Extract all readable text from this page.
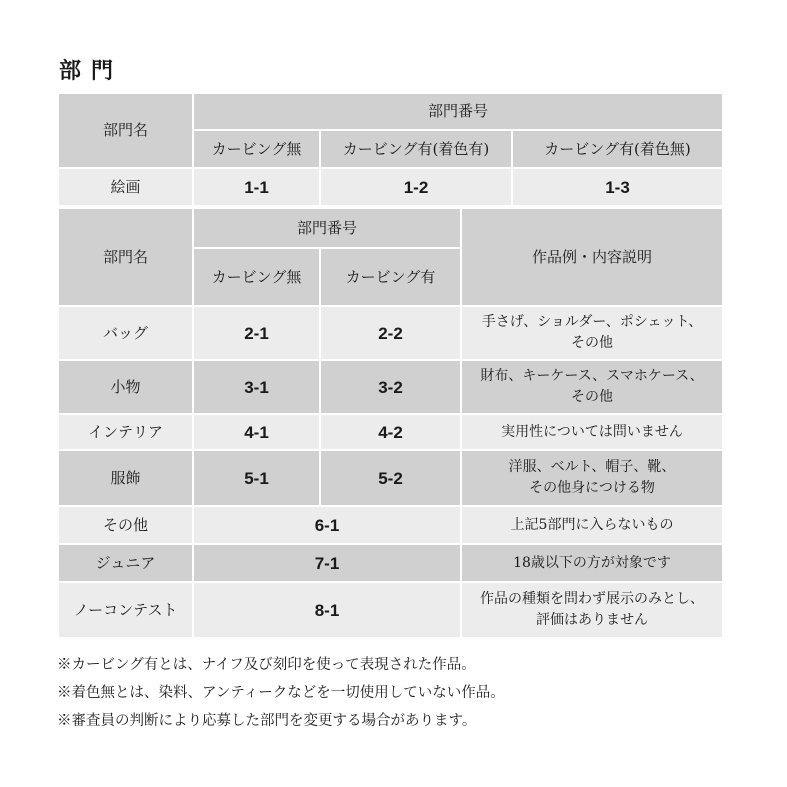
部門
部門名	部門番号		
	カービング無	カービング有(着色有)	カービング有(着色無)
絵画	1-1	1-2	1-3
部門名	部門番号		作品例・内容説明
	カービング無	カービング有	
バッグ	2-1	2-2	手さげ、ショルダー、ポシェット、
その他

小物	3-1	3-2	財布、キーケース、スマホケース、
その他

インテリア	4-1	4-2	実用性については問いません
服飾	5-1	5-2	洋服、ベルト、帽子、靴、
その他身につける物

その他	6-1		上記5部門に入らないもの
ジュニア	7-1		18歳以下の方が対象です
ノーコンテスト	8-1		作品の種類を問わず展示のみとし、
評価はありません
※カービング有とは、ナイフ及び刻印を使って表現された作品。
※着色無とは、染料、アンティークなどを一切使用していない作品。
※審査員の判断により応募した部門を変更する場合があります。
